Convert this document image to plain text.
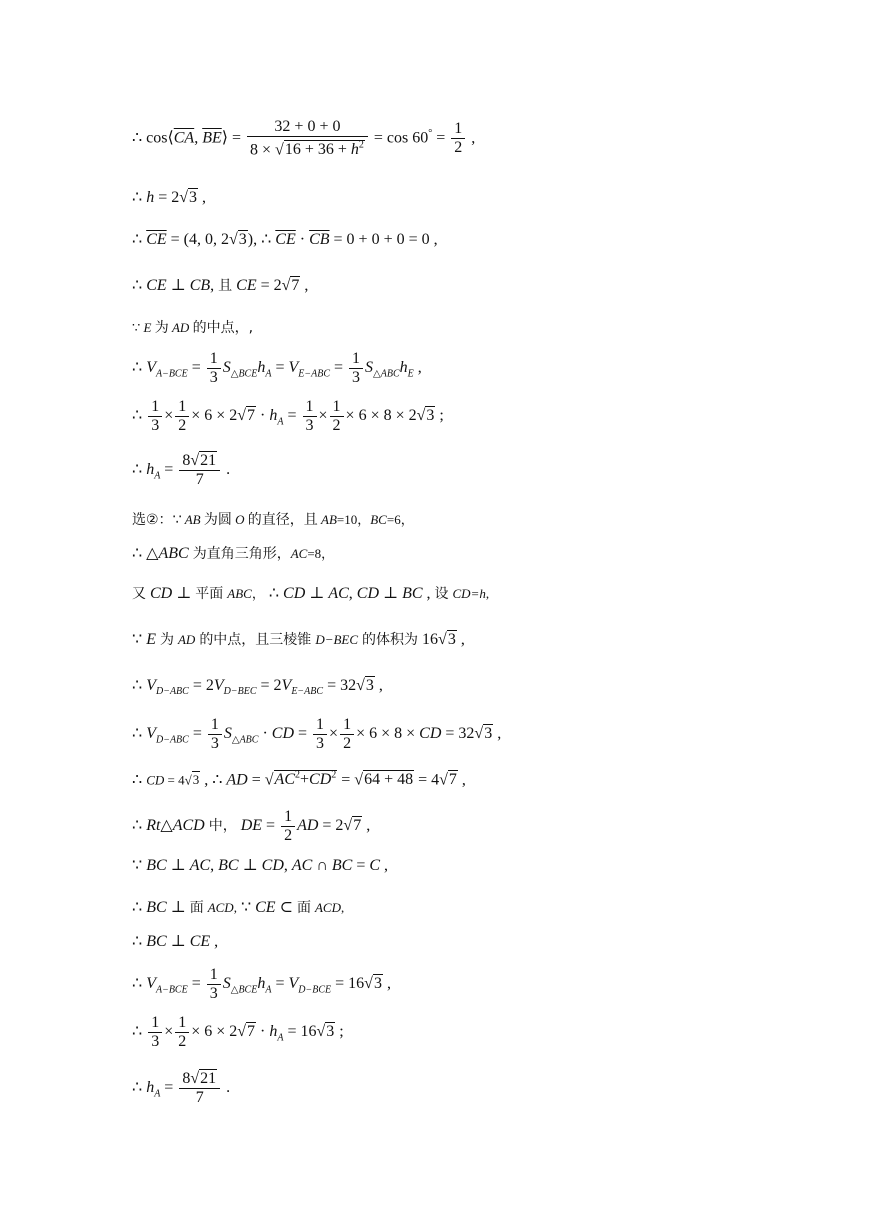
∴ $\cos⟨\overline{CA}$, $\overline{BE}⟩ = \frac{32 + 0 + 0}{8 \times √16 + 36 + h^2} = \cos 60^\circ = \frac{1}{2}$ ,
∴ h = 2√3 ,
∴ $\overline{CE} = (4$, 0, 2√3), ∴ $\overline{CE} \cdot \overline{CB} = 0 + 0 + 0 = 0$ ,
∴ CE ⊥ CB, 且 CE = 2√7 ,
∵ E 为 AD 的中点，,
∴ $V_{A-BCE} = \frac{1}{3} S_{\triangle BCE}h_A = V_{E-ABC} = \frac{1}{3} S_{\triangle ABC}h_E$ ,
∴ $\frac{1}{3} \times \frac{1}{2} \times 6 \times 2√7 \cdot h_A = \frac{1}{3} \times \frac{1}{2} \times 6 \times 8 \times 2√3$ ;
∴ $h_A = \frac{8√21}{7}$ .
选②：∵ AB 为圆 O 的直径，且 AB=10，BC=6，
∴ △ABC 为直角三角形，AC=8，
又 CD ⊥ 平面 ABC， ∴ CD ⊥ AC, CD ⊥ BC , 设 CD=h,
∵ E 为 AD 的中点，且三棱锥 D−BEC 的体积为 16√3 ,
∴ $V_{D-ABC} = 2V_{D-BEC} = 2V_{E-ABC} = 32√3$ ,
∴ $V_{D-ABC} = \frac{1}{3} S_{\triangle ABC}$ · CD = $\frac{1}{3} \times \frac{1}{2} \times 6 \times 8$ × CD = 32√3 ,
∴ CD = 4√3 , ∴ AD = $√AC^2+CD^2 = √64 + 48 = 4√7$ ,
∴ Rt△ACD 中， DE = $\frac{1}{2}$ AD = 2√7 ,
∵ BC ⊥ AC, BC ⊥ CD, AC ∩ BC = C ,
∴ BC ⊥ 面 ACD, ∵ CE ⊂ 面 ACD,
∴ BC ⊥ CE ,
∴ $V_{A-BCE} = \frac{1}{3} S_{\triangle BCE}h_A = V_{D-BCE} = 16√3$ ,
∴ $\frac{1}{3} \times \frac{1}{2} \times 6 \times 2√7 \cdot h_A = 16√3$ ;
∴ $h_A = \frac{8√21}{7}$ .
